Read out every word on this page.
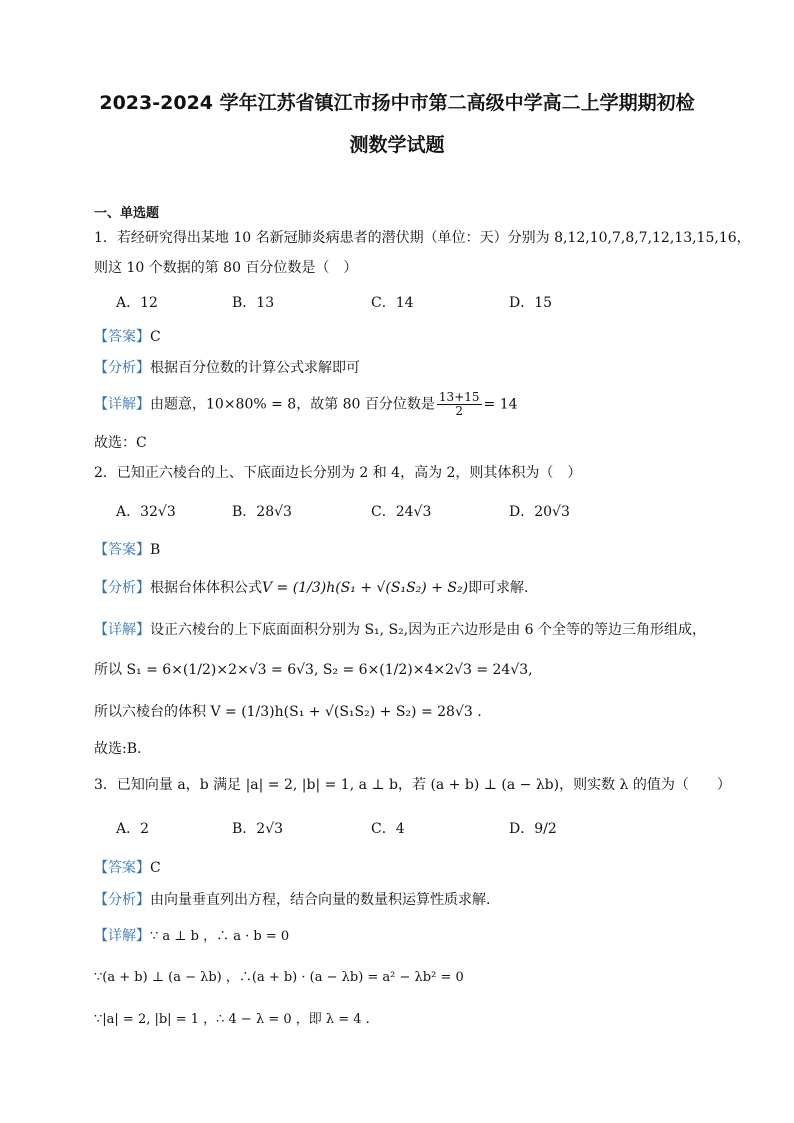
2023-2024 学年江苏省镇江市扬中市第二高级中学高二上学期期初检
测数学试题
一、单选题
1．若经研究得出某地 10 名新冠肺炎病患者的潜伏期（单位：天）分别为 8,12,10,7,8,7,12,13,15,16，
则这 10 个数据的第 80 百分位数是（　）
A．12	B．13	C．14	D．15
【答案】C
【分析】根据百分位数的计算公式求解即可
【详解】由题意，10×80% = 8，故第 80 百分位数是 $\frac{13+15}{2} = 14$
故选：C
2．已知正六棱台的上、下底面边长分别为 2 和 4，高为 2，则其体积为（　）
A．32√3	B．28√3	C．24√3	D．20√3
【答案】B
【分析】根据台体体积公式V = (1/3)h(S₁ + √(S₁S₂) + S₂)即可求解.
【详解】设正六棱台的上下底面面积分别为 S₁, S₂,因为正六边形是由 6 个全等的等边三角形组成，
所以 S₁ = 6×(1/2)×2×√3 = 6√3, S₂ = 6×(1/2)×4×2√3 = 24√3,
所以六棱台的体积 V = (1/3)h(S₁ + √(S₁S₂) + S₂) = 28√3 .
故选:B.
3．已知向量 a，b 满足 |a| = 2, |b| = 1, a ⊥ b，若 (a + b) ⊥ (a − λb)，则实数 λ 的值为（　　）
A．2	B．2√3	C．4	D．9/2
【答案】C
【分析】由向量垂直列出方程，结合向量的数量积运算性质求解.
【详解】∵ a ⊥ b ，∴ a · b = 0
∵(a + b) ⊥ (a − λb) ，∴(a + b) · (a − λb) = a² − λb² = 0
∵|a| = 2, |b| = 1 ，∴ 4 − λ = 0 ，即 λ = 4 .
